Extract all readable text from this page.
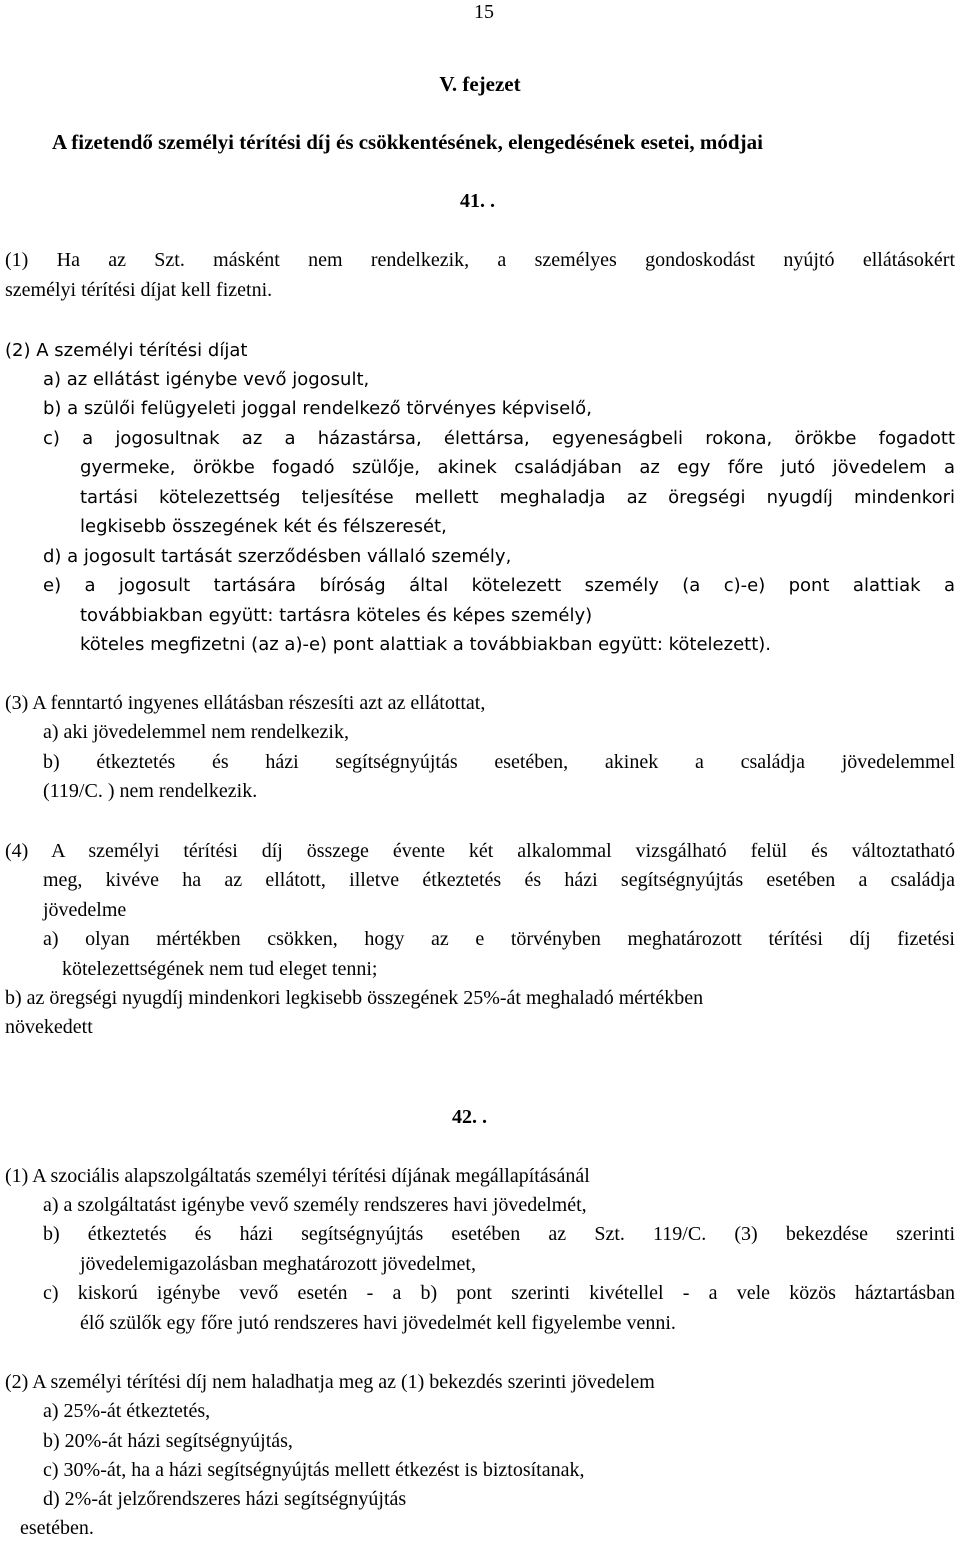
15
V. fejezet
A fizetendő személyi térítési díj és csökkentésének, elengedésének esetei, módjai
41. .
(1) Ha az Szt. másként nem rendelkezik, a személyes gondoskodást nyújtó ellátásokért
személyi térítési díjat kell fizetni.
(2) A személyi térítési díjat
a) az ellátást igénybe vevő jogosult,
b) a szülői felügyeleti joggal rendelkező törvényes képviselő,
c) a jogosultnak az a házastársa, élettársa, egyeneságbeli rokona, örökbe fogadott
gyermeke, örökbe fogadó szülője, akinek családjában az egy főre jutó jövedelem a
tartási kötelezettség teljesítése mellett meghaladja az öregségi nyugdíj mindenkori
legkisebb összegének két és félszeresét,
d) a jogosult tartását szerződésben vállaló személy,
e) a jogosult tartására bíróság által kötelezett személy (a c)-e) pont alattiak a
továbbiakban együtt: tartásra köteles és képes személy)
köteles megfizetni (az a)-e) pont alattiak a továbbiakban együtt: kötelezett).
(3) A fenntartó ingyenes ellátásban részesíti azt az ellátottat,
a) aki jövedelemmel nem rendelkezik,
b) étkeztetés és házi segítségnyújtás esetében, akinek a családja jövedelemmel
(119/C. ) nem rendelkezik.
(4) A személyi térítési díj összege évente két alkalommal vizsgálható felül és változtatható
meg, kivéve ha az ellátott, illetve étkeztetés és házi segítségnyújtás esetében a családja
jövedelme
a) olyan mértékben csökken, hogy az e törvényben meghatározott térítési díj fizetési
kötelezettségének nem tud eleget tenni;
b) az öregségi nyugdíj mindenkori legkisebb összegének 25%-át meghaladó mértékben
növekedett
42. .
(1) A szociális alapszolgáltatás személyi térítési díjának megállapításánál
a) a szolgáltatást igénybe vevő személy rendszeres havi jövedelmét,
b) étkeztetés és házi segítségnyújtás esetében az Szt. 119/C. (3) bekezdése szerinti
jövedelemigazolásban meghatározott jövedelmet,
c) kiskorú igénybe vevő esetén - a b) pont szerinti kivétellel - a vele közös háztartásban
élő szülők egy főre jutó rendszeres havi jövedelmét kell figyelembe venni.
(2) A személyi térítési díj nem haladhatja meg az (1) bekezdés szerinti jövedelem
a) 25%-át étkeztetés,
b) 20%-át házi segítségnyújtás,
c) 30%-át, ha a házi segítségnyújtás mellett étkezést is biztosítanak,
d) 2%-át jelzőrendszeres házi segítségnyújtás
esetében.
